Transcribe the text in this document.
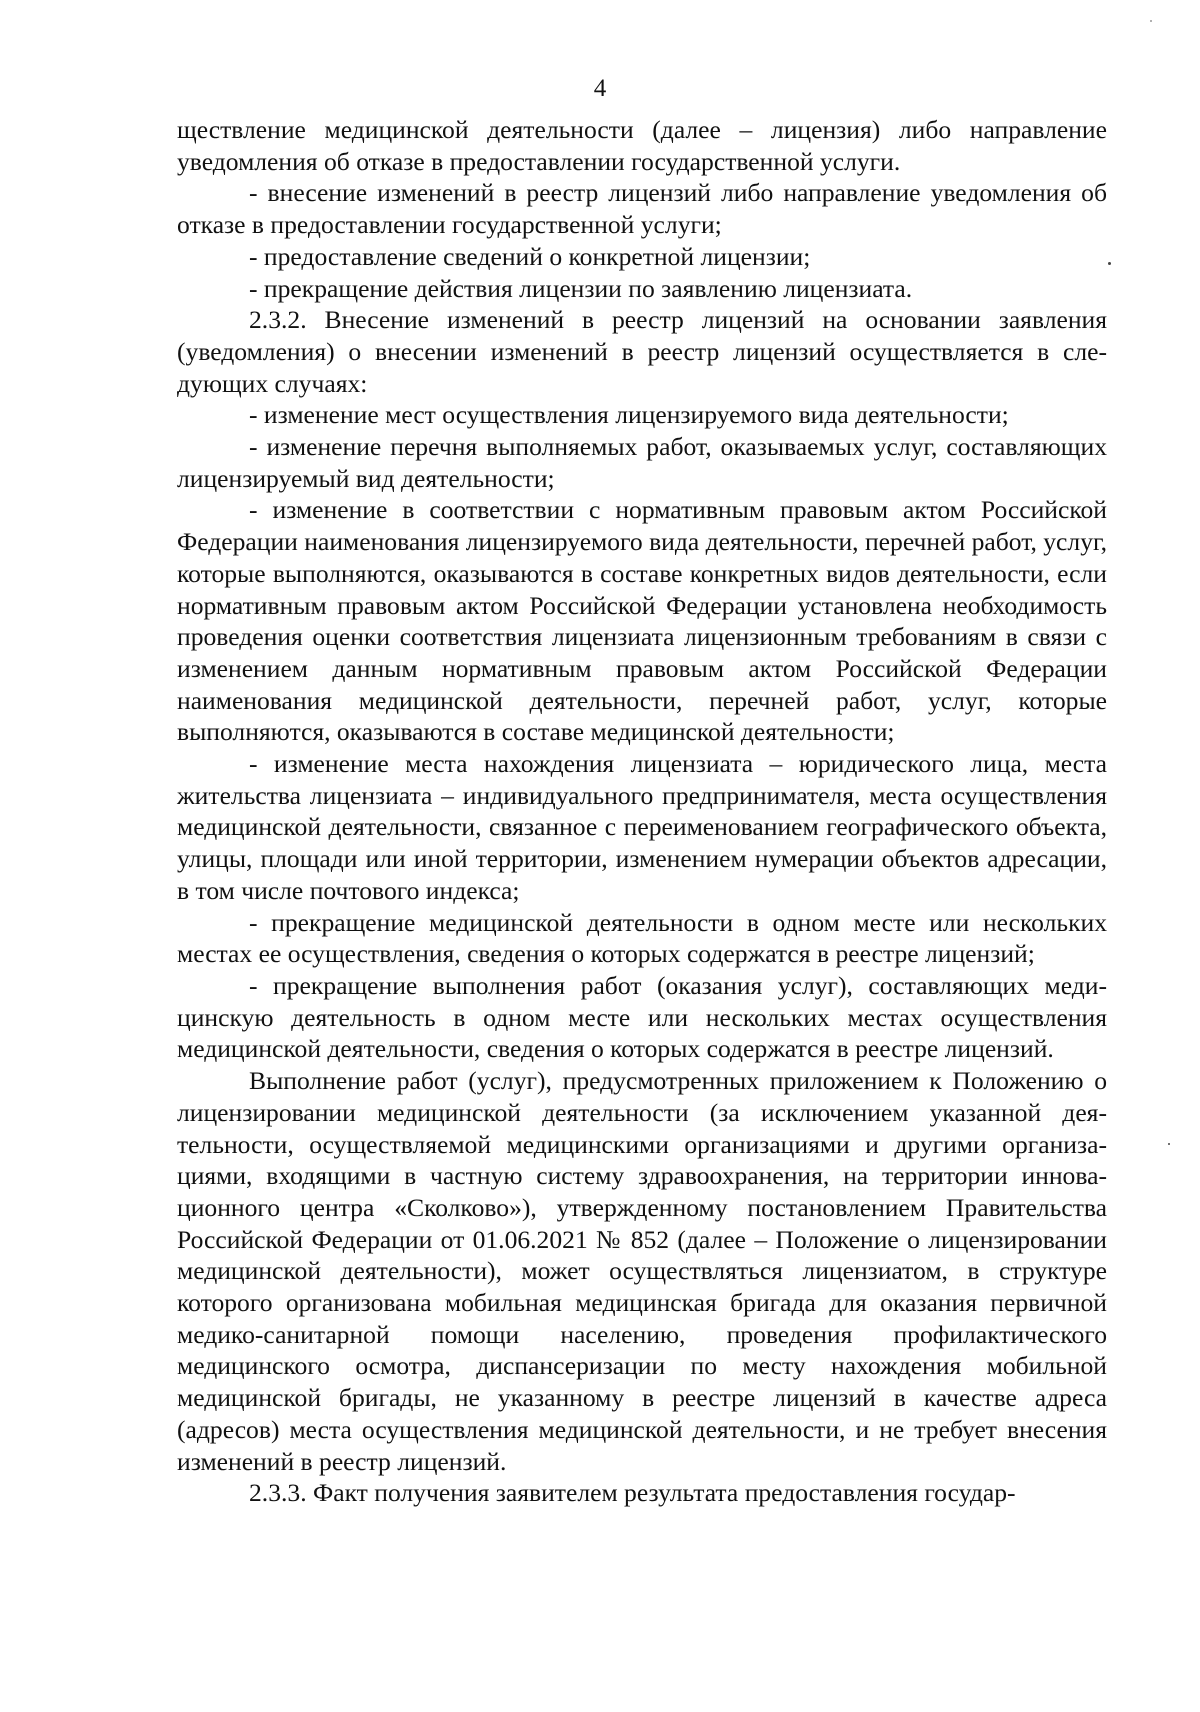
4

ществление медицинской деятельности (далее – лицензия) либо направление уведомления об отказе в предоставлении государственной услуги.

- внесение изменений в реестр лицензий либо направление уведомления об отказе в предоставлении государственной услуги;

- предоставление сведений о конкретной лицензии;

- прекращение действия лицензии по заявлению лицензиата.

2.3.2. Внесение изменений в реестр лицензий на основании заявления (уведомления) о внесении изменений в реестр лицензий осуществляется в следующих случаях:

- изменение мест осуществления лицензируемого вида деятельности;

- изменение перечня выполняемых работ, оказываемых услуг, составляющих лицензируемый вид деятельности;

- изменение в соответствии с нормативным правовым актом Российской Федерации наименования лицензируемого вида деятельности, перечней работ, услуг, которые выполняются, оказываются в составе конкретных видов деятельности, если нормативным правовым актом Российской Федерации установлена необходимость проведения оценки соответствия лицензиата лицензионным требованиям в связи с изменением данным нормативным правовым актом Российской Федерации наименования медицинской деятельности, перечней работ, услуг, которые выполняются, оказываются в составе медицинской деятельности;

- изменение места нахождения лицензиата – юридического лица, места жительства лицензиата – индивидуального предпринимателя, места осуществления медицинской деятельности, связанное с переименованием географического объекта, улицы, площади или иной территории, изменением нумерации объектов адресации, в том числе почтового индекса;

- прекращение медицинской деятельности в одном месте или нескольких местах ее осуществления, сведения о которых содержатся в реестре лицензий;

- прекращение выполнения работ (оказания услуг), составляющих медицинскую деятельность в одном месте или нескольких местах осуществления медицинской деятельности, сведения о которых содержатся в реестре лицензий.

Выполнение работ (услуг), предусмотренных приложением к Положению о лицензировании медицинской деятельности (за исключением указанной деятельности, осуществляемой медицинскими организациями и другими организациями, входящими в частную систему здравоохранения, на территории инновационного центра «Сколково»), утвержденному постановлением Правительства Российской Федерации от 01.06.2021 № 852 (далее – Положение о лицензировании медицинской деятельности), может осуществляться лицензиатом, в структуре которого организована мобильная медицинская бригада для оказания первичной медико-санитарной помощи населению, проведения профилактического медицинского осмотра, диспансеризации по месту нахождения мобильной медицинской бригады, не указанному в реестре лицензий в качестве адреса (адресов) места осуществления медицинской деятельности, и не требует внесения изменений в реестр лицензий.

2.3.3. Факт получения заявителем результата предоставления государ-
